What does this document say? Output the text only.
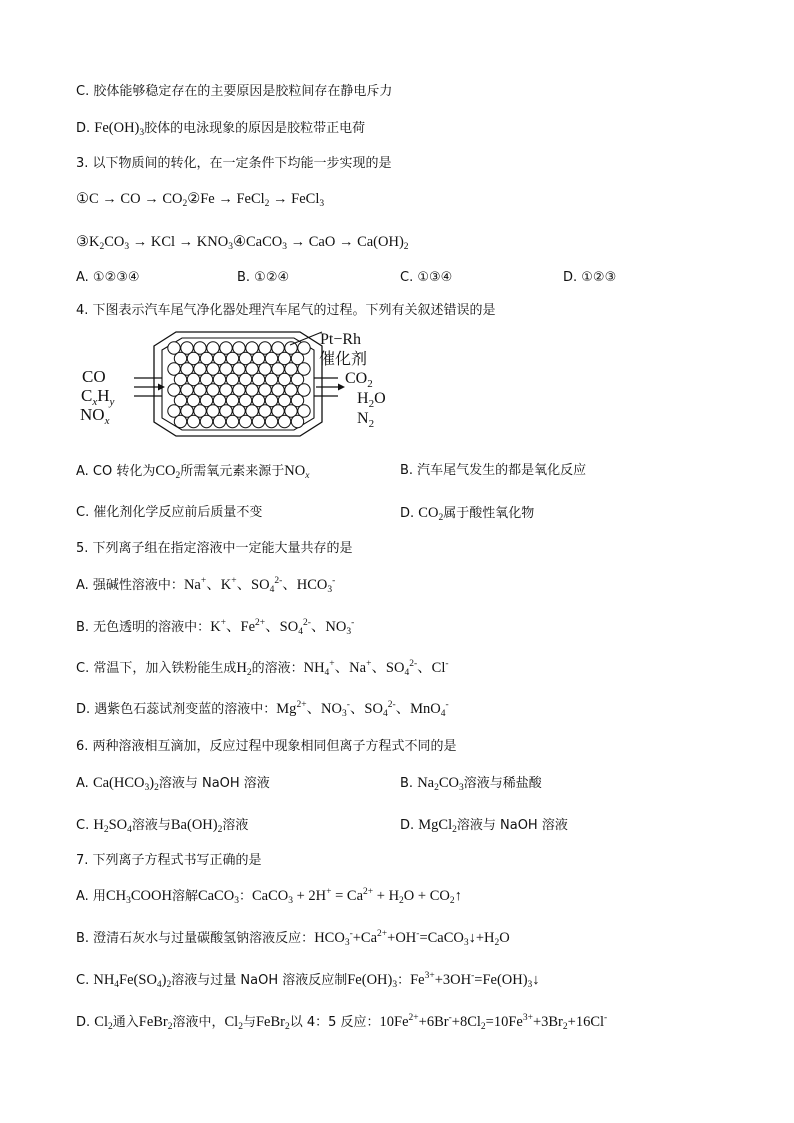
C. 胶体能够稳定存在的主要原因是胶粒间存在静电斥力
D. $Fe(OH)_3$胶体的电泳现象的原因是胶粒带正电荷
3. 以下物质间的转化，在一定条件下均能一步实现的是
①C → CO → $CO_2②Fe$ → FeCl$_2$ → FeCl$_3$
$③K_2CO_3$ → KCl → $KNO_3④CaCO_3$ → CaO → $Ca(OH)_2$
4. 下图表示汽车尾气净化器处理汽车尾气的过程。下列有关叙述错误的是
5. 下列离子组在指定溶液中一定能大量共存的是
A. 强碱性溶液中：Na+、K+、$SO_4^{2-}$、$HCO_3^-$
B. 无色透明的溶液中：K+、$Fe^{2+}$、$SO_4^{2-}$、$NO_3^-$
C. 常温下，加入铁粉能生成$H_2$的溶液：$NH_4^+$、Na+、$SO_4^{2-}$、Cl-
D. 遇紫色石蕊试剂变蓝的溶液中：$Mg^{2+}$、$NO_3^-$、$SO_4^{2-}$、MnO$_4$-
6. 两种溶液相互滴加，反应过程中现象相同但离子方程式不同的是
7. 下列离子方程式书写正确的是
A. 用$CH_3COOH$溶解CaCO$_3$：CaCO$_3$ + $2H^+ = Ca^{2+} + H_2O$ + $CO_2↑$
B. 澄清石灰水与过量碳酸氢钠溶液反应：$HCO_3^-+Ca^{2+}+OH^-=CaCO_3↓+H_2O$
C. $NH_4Fe(SO_4)_2$溶液与过量 NaOH 溶液反应制$Fe(OH)_3$：$Fe^{3+}+3OH^-=Fe(OH)_3↓$
D. $Cl_2$通入FeBr$_2$溶液中，$Cl_2$与FeBr$_2$以 4：5 反应：$10Fe^{2+}+6Br^-+8Cl_2=10Fe^{3+}+3Br_2+16Cl^-$
A. ①②③④	B. ①②④	C. ①③④	D. ①②③
A. CO 转化为$CO_2$所需氧元素来源于$NO_x$	B. 汽车尾气发生的都是氧化反应
C. 催化剂化学反应前后质量不变	D. $CO_2$属于酸性氧化物
A. $Ca(HCO_3)_2$溶液与 NaOH 溶液	B. $Na_2CO_3$溶液与稀盐酸
C. $H_2SO_4$溶液与$Ba(OH)_2$溶液	D. MgCl$_2$溶液与 NaOH 溶液
CO
$C_xH_y$
$NO_x$
Pt−Rh
催化剂
$CO_2$
$H_2O$
$N_2$
